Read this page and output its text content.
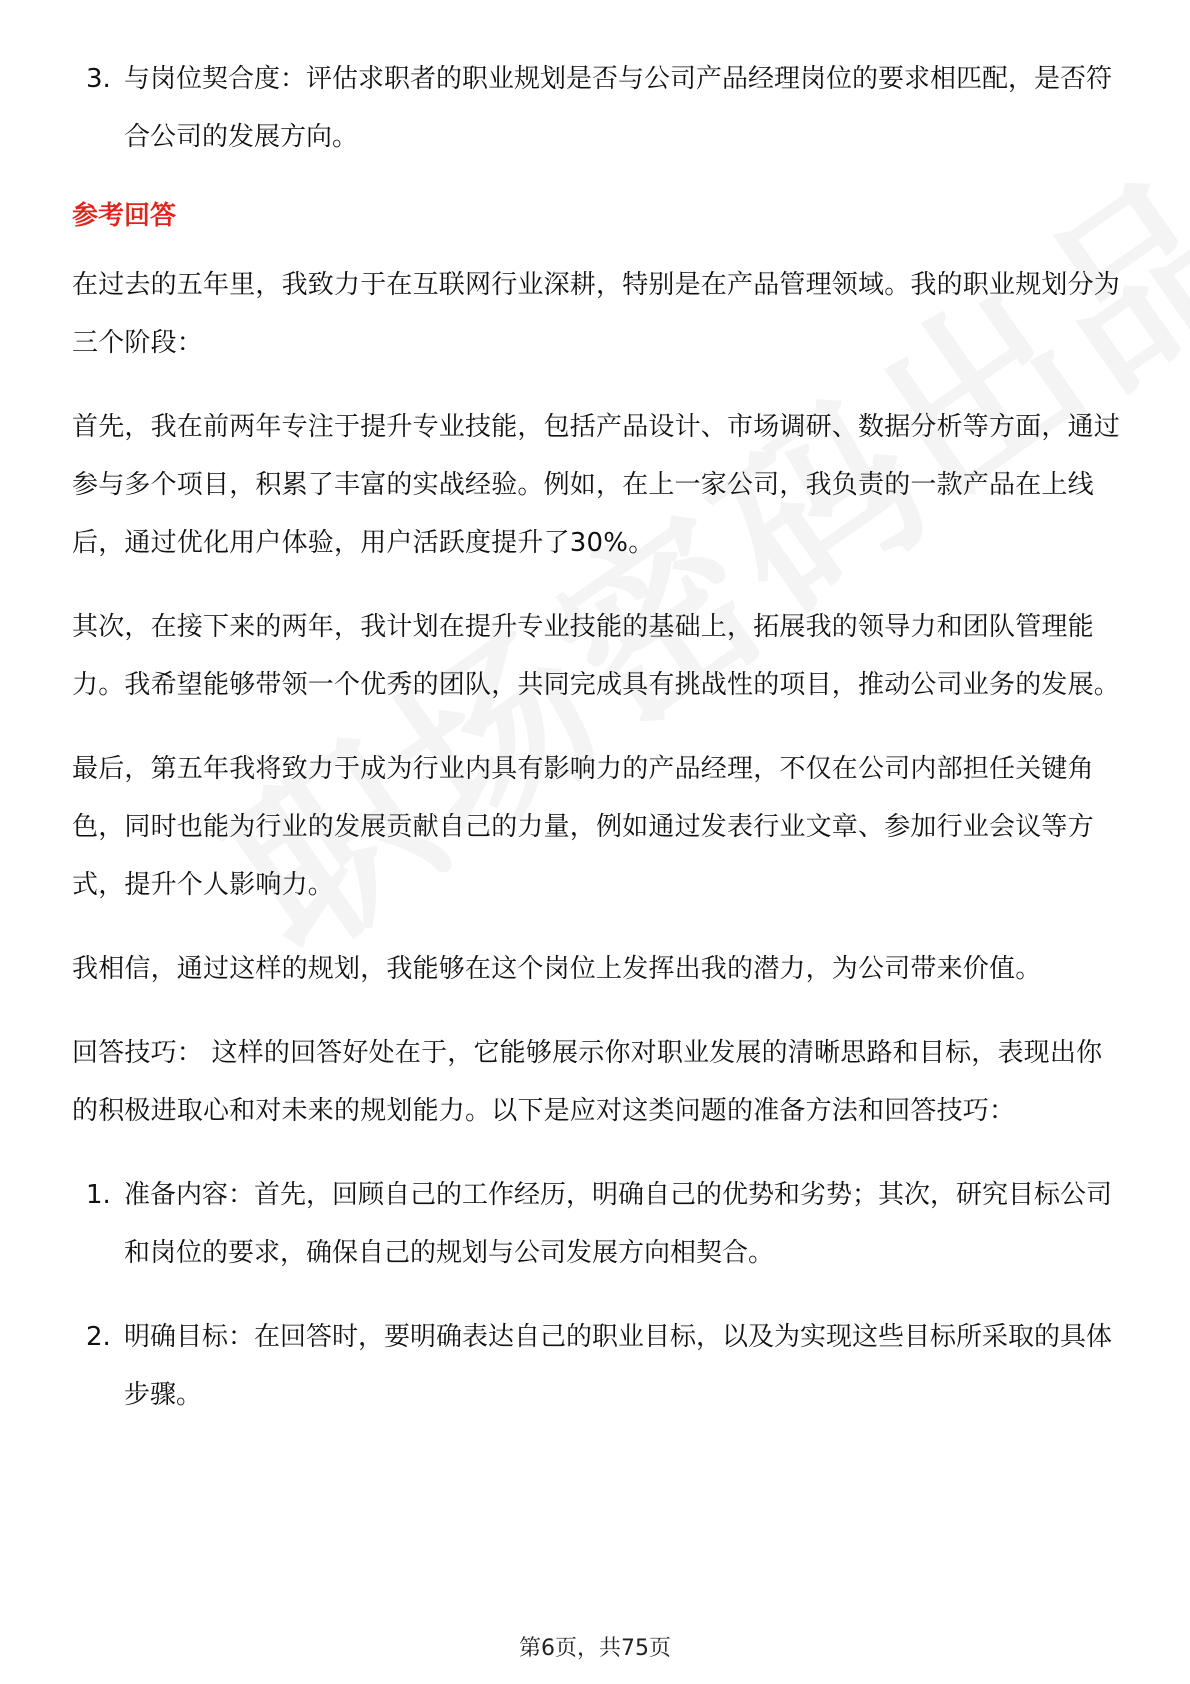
3. 与岗位契合度：评估求职者的职业规划是否与公司产品经理岗位的要求相匹配，是否符合公司的发展方向。
参考回答

在过去的五年里，我致力于在互联网行业深耕，特别是在产品管理领域。我的职业规划分为三个阶段：

首先，我在前两年专注于提升专业技能，包括产品设计、市场调研、数据分析等方面，通过参与多个项目，积累了丰富的实战经验。例如，在上一家公司，我负责的一款产品在上线后，通过优化用户体验，用户活跃度提升了30%。

其次，在接下来的两年，我计划在提升专业技能的基础上，拓展我的领导力和团队管理能力。我希望能够带领一个优秀的团队，共同完成具有挑战性的项目，推动公司业务的发展。

最后，第五年我将致力于成为行业内具有影响力的产品经理，不仅在公司内部担任关键角色，同时也能为行业的发展贡献自己的力量，例如通过发表行业文章、参加行业会议等方式，提升个人影响力。

我相信，通过这样的规划，我能够在这个岗位上发挥出我的潜力，为公司带来价值。

回答技巧： 这样的回答好处在于，它能够展示你对职业发展的清晰思路和目标，表现出你的积极进取心和对未来的规划能力。以下是应对这类问题的准备方法和回答技巧：

1. 准备内容：首先，回顾自己的工作经历，明确自己的优势和劣势；其次，研究目标公司和岗位的要求，确保自己的规划与公司发展方向相契合。
2. 明确目标：在回答时，要明确表达自己的职业目标，以及为实现这些目标所采取的具体步骤。
第6页，共75页
